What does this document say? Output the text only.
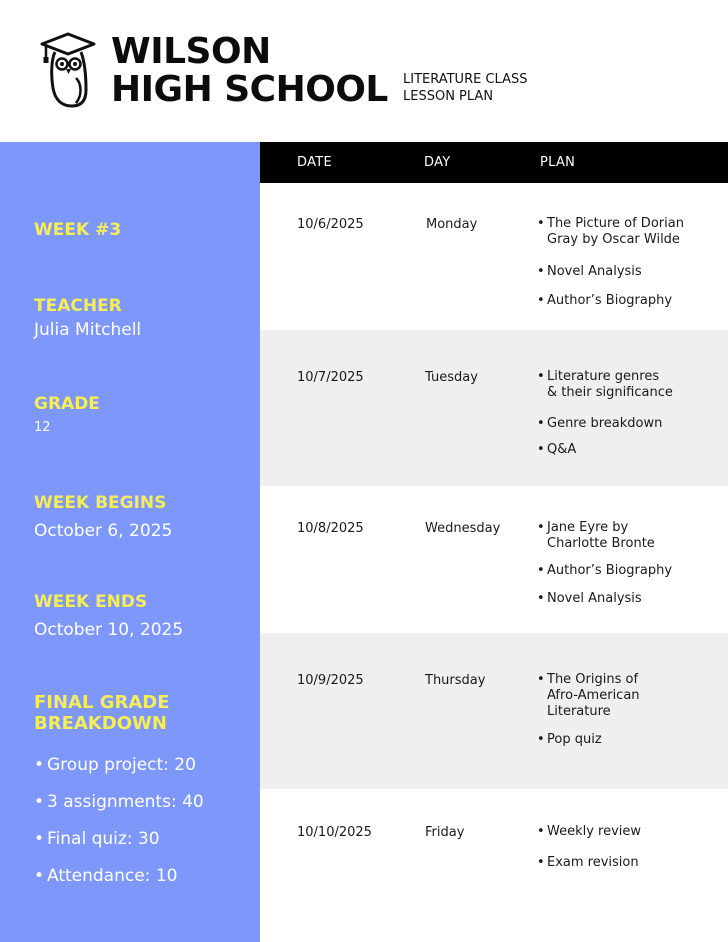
WILSON
HIGH SCHOOL LITERATURE CLASS
LESSON PLAN
WEEK #3
TEACHER
Julia Mitchell
GRADE
12
WEEK BEGINS
October 6, 2025
WEEK ENDS
October 10, 2025
FINAL GRADE
BREAKDOWN
• Group project: 20
• 3 assignments: 40
• Final quiz: 30
• Attendance: 10
DATE	DAY	PLAN
10/6/2025	Monday	• The Picture of Dorian
Gray by Oscar Wilde
• Novel Analysis
• Author’s Biography
10/7/2025	Tuesday	• Literature genres
& their significance
• Genre breakdown
• Q&A
10/8/2025	Wednesday	• Jane Eyre by
Charlotte Bronte
• Author’s Biography
• Novel Analysis
10/9/2025	Thursday	• The Origins of
Afro-American
Literature
• Pop quiz
10/10/2025	Friday	• Weekly review
• Exam revision
